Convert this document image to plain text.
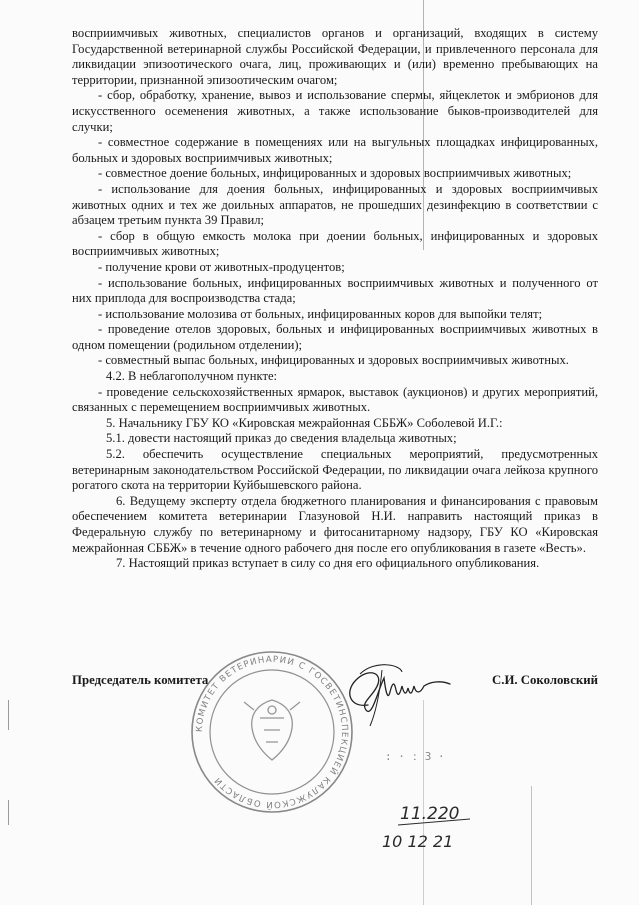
восприимчивых животных, специалистов органов и организаций, входящих в систему Государственной ветеринарной службы Российской Федерации, и привлеченного персонала для ликвидации эпизоотического очага, лиц, проживающих и (или) временно пребывающих на территории, признанной эпизоотическим очагом;

- сбор, обработку, хранение, вывоз и использование спермы, яйцеклеток и эмбрионов для искусственного осеменения животных, а также использование быков-производителей для случки;

- совместное содержание в помещениях или на выгульных площадках инфицированных, больных и здоровых восприимчивых животных;

- совместное доение больных, инфицированных и здоровых восприимчивых животных;

- использование для доения больных, инфицированных и здоровых восприимчивых животных одних и тех же доильных аппаратов, не прошедших дезинфекцию в соответствии с абзацем третьим пункта 39 Правил;

- сбор в общую емкость молока при доении больных, инфицированных и здоровых восприимчивых животных;

- получение крови от животных-продуцентов;

- использование больных, инфицированных восприимчивых животных и полученного от них приплода для воспроизводства стада;

- использование молозива от больных, инфицированных коров для выпойки телят;

- проведение отелов здоровых, больных и инфицированных восприимчивых животных в одном помещении (родильном отделении);

- совместный выпас больных, инфицированных и здоровых восприимчивых животных.

4.2. В неблагополучном пункте:

- проведение сельскохозяйственных ярмарок, выставок (аукционов) и других мероприятий, связанных с перемещением восприимчивых животных.

5. Начальнику ГБУ КО «Кировская межрайонная СББЖ» Соболевой И.Г.:

5.1. довести настоящий приказ до сведения владельца животных;

5.2. обеспечить осуществление специальных мероприятий, предусмотренных ветеринарным законодательством Российской Федерации, по ликвидации очага лейкоза крупного рогатого скота на территории Куйбышевского района.

6. Ведущему эксперту отдела бюджетного планирования и финансирования с правовым обеспечением комитета ветеринарии Глазуновой Н.И. направить настоящий приказ в Федеральную службу по ветеринарному и фитосанитарному надзору, ГБУ КО «Кировская межрайонная СББЖ» в течение одного рабочего дня после его опубликования в газете «Весть».

7. Настоящий приказ вступает в силу со дня его официального опубликования.

КОМИТЕТ ВЕТЕРИНАРИИ С ГОСВЕТИНСПЕКЦИЕЙ КАЛУЖСКОЙ ОБЛАСТИ
Председатель комитета	С.И. Соколовский
: · ː 3 ·
11.220
10 12 21
